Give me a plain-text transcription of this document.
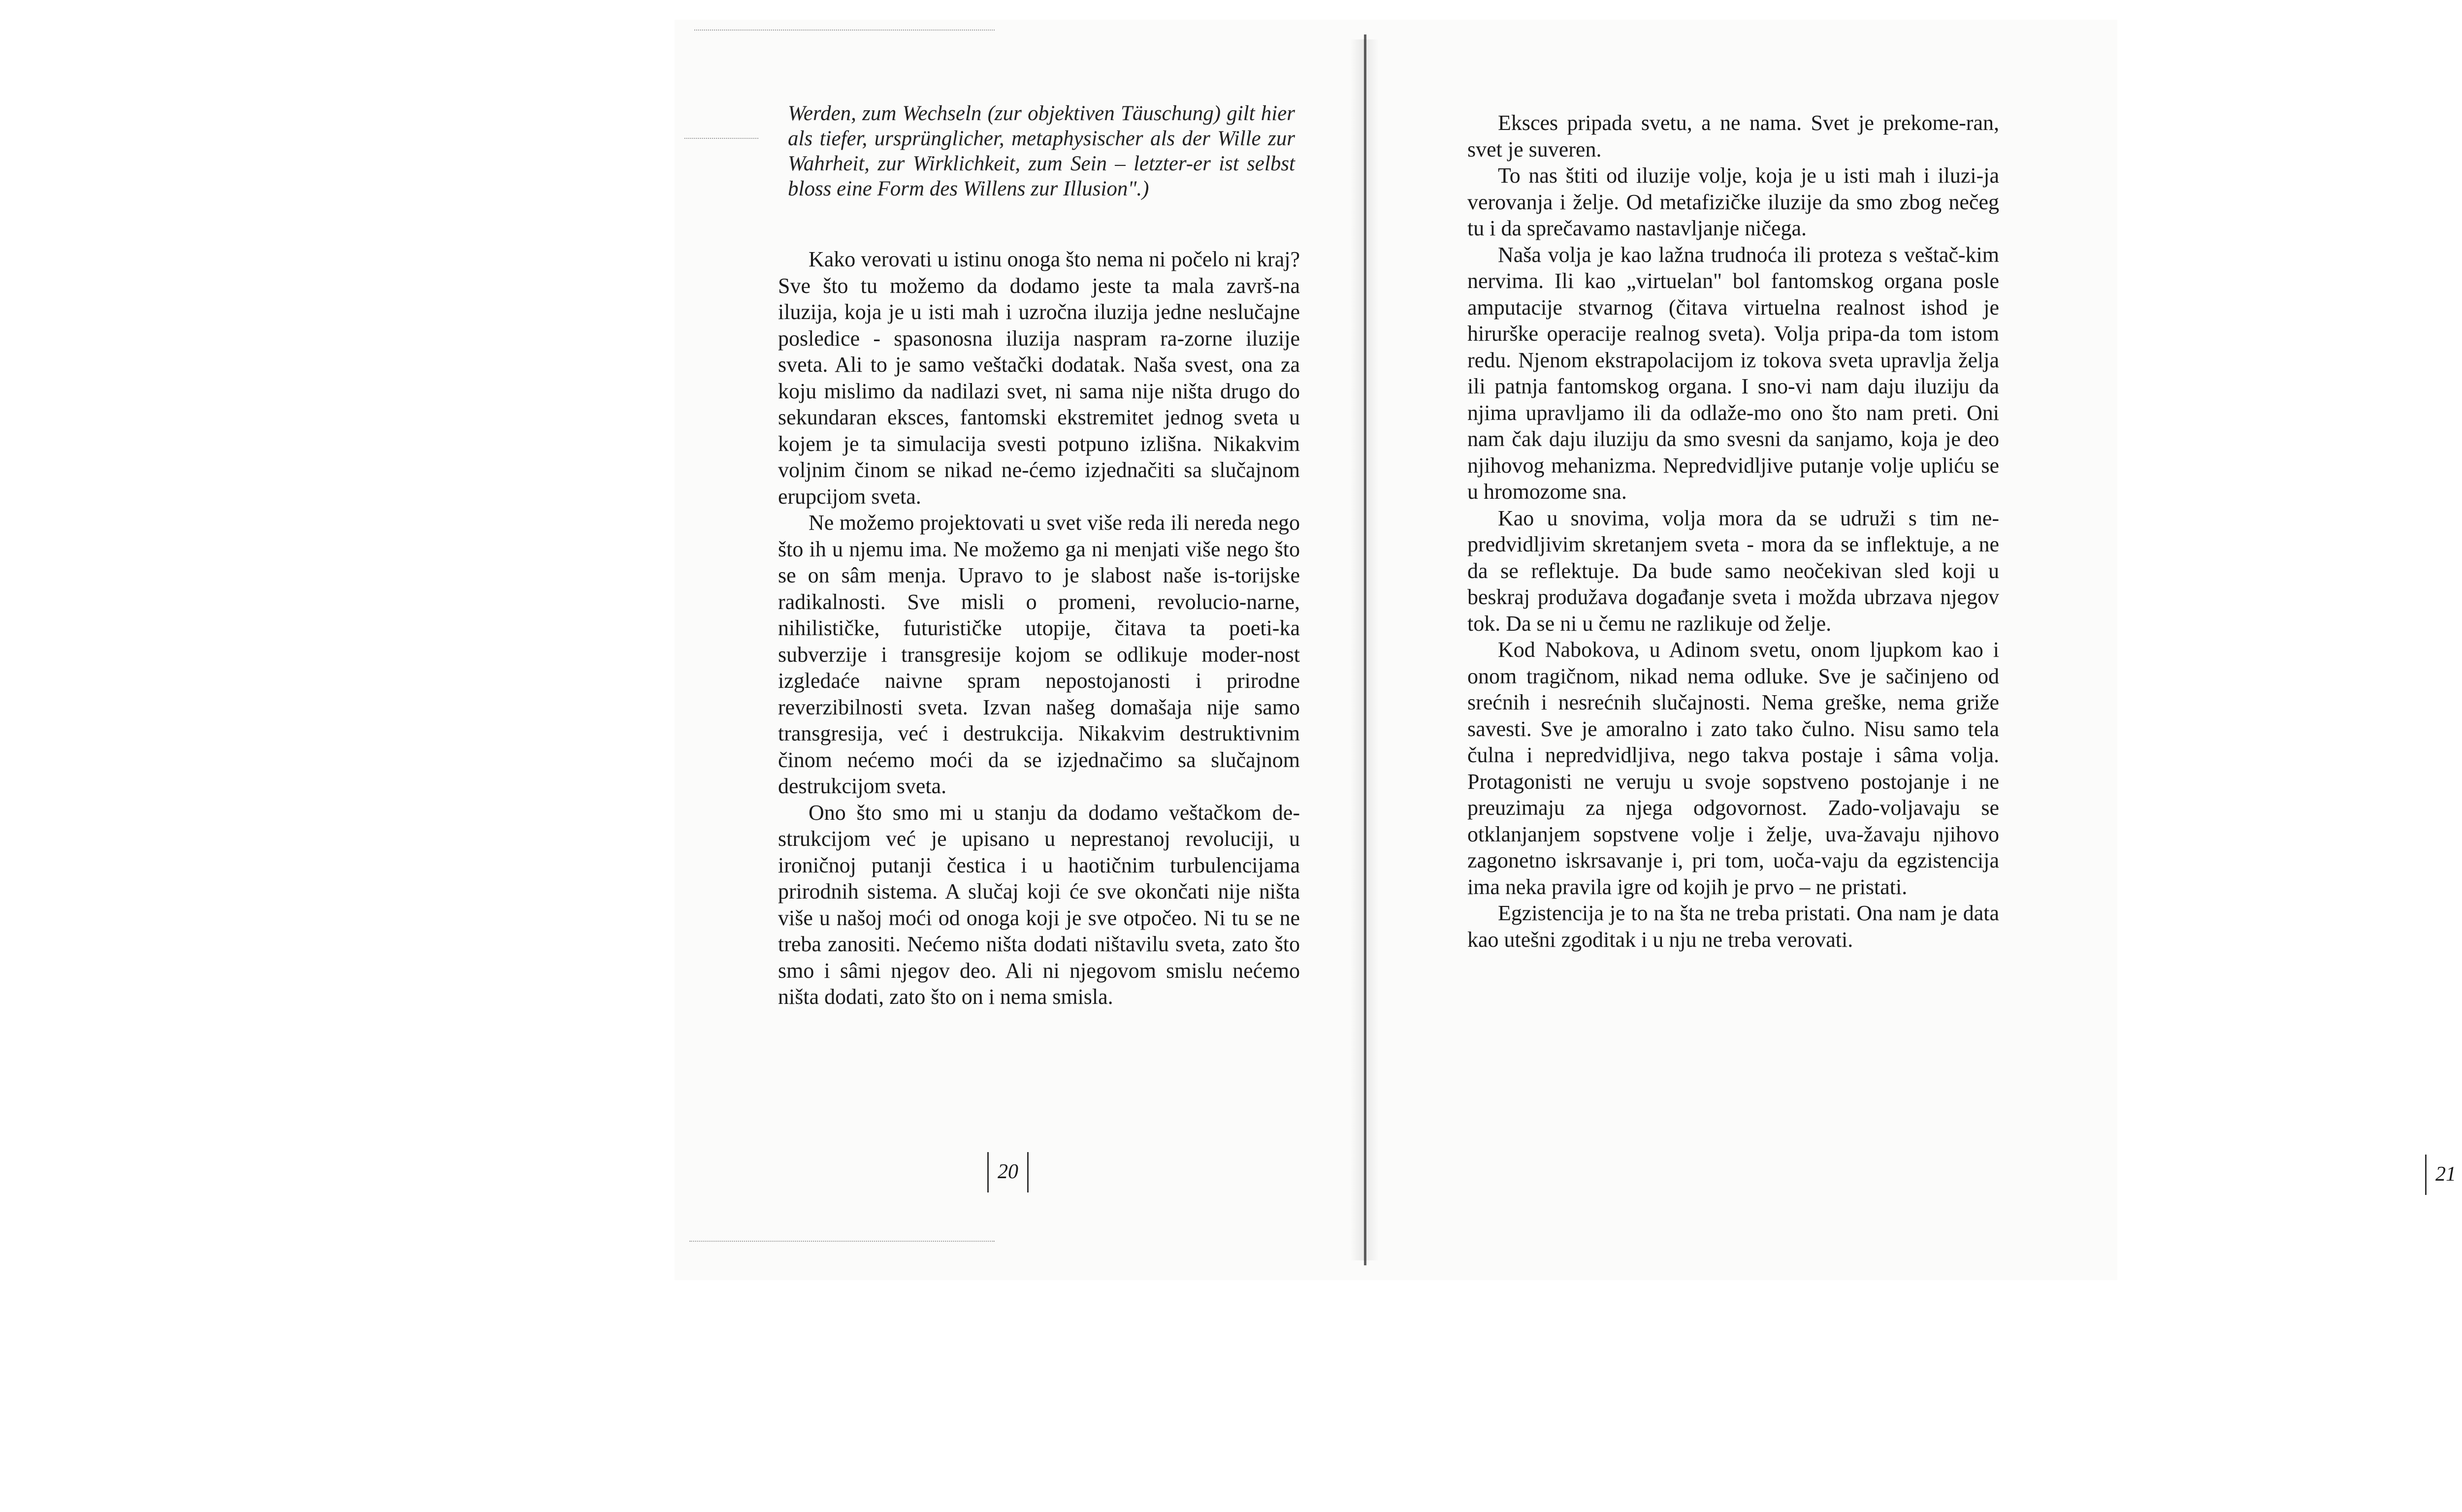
Werden, zum Wechseln (zur objektiven Täuschung) gilt hier als tiefer, ursprünglicher, metaphysischer als der Wille zur Wahrheit, zur Wirklichkeit, zum Sein – letzter-er ist selbst bloss eine Form des Willens zur Illusion".)

Kako verovati u istinu onoga što nema ni počelo ni kraj? Sve što tu možemo da dodamo jeste ta mala završ-na iluzija, koja je u isti mah i uzročna iluzija jedne neslučajne posledice - spasonosna iluzija naspram ra-zorne iluzije sveta. Ali to je samo veštački dodatak. Naša svest, ona za koju mislimo da nadilazi svet, ni sama nije ništa drugo do sekundaran eksces, fantomski ekstremitet jednog sveta u kojem je ta simulacija svesti potpuno izlišna. Nikakvim voljnim činom se nikad ne-ćemo izjednačiti sa slučajnom erupcijom sveta.

Ne možemo projektovati u svet više reda ili nereda nego što ih u njemu ima. Ne možemo ga ni menjati više nego što se on sâm menja. Upravo to je slabost naše is-torijske radikalnosti. Sve misli o promeni, revolucio-narne, nihilističke, futurističke utopije, čitava ta poeti-ka subverzije i transgresije kojom se odlikuje moder-nost izgledaće naivne spram nepostojanosti i prirodne reverzibilnosti sveta. Izvan našeg domašaja nije samo transgresija, već i destrukcija. Nikakvim destruktivnim činom nećemo moći da se izjednačimo sa slučajnom destrukcijom sveta.

Ono što smo mi u stanju da dodamo veštačkom de-strukcijom već je upisano u neprestanoj revoluciji, u ironičnoj putanji čestica i u haotičnim turbulencijama prirodnih sistema. A slučaj koji će sve okončati nije ništa više u našoj moći od onoga koji je sve otpočeo. Ni tu se ne treba zanositi. Nećemo ništa dodati ništavilu sveta, zato što smo i sâmi njegov deo. Ali ni njegovom smislu nećemo ništa dodati, zato što on i nema smisla.

20

Eksces pripada svetu, a ne nama. Svet je prekome-ran, svet je suveren.

To nas štiti od iluzije volje, koja je u isti mah i iluzi-ja verovanja i želje. Od metafizičke iluzije da smo zbog nečeg tu i da sprečavamo nastavljanje ničega.

Naša volja je kao lažna trudnoća ili proteza s veštač-kim nervima. Ili kao „virtuelan" bol fantomskog organa posle amputacije stvarnog (čitava virtuelna realnost ishod je hirurške operacije realnog sveta). Volja pripa-da tom istom redu. Njenom ekstrapolacijom iz tokova sveta upravlja želja ili patnja fantomskog organa. I sno-vi nam daju iluziju da njima upravljamo ili da odlaže-mo ono što nam preti. Oni nam čak daju iluziju da smo svesni da sanjamo, koja je deo njihovog mehanizma. Nepredvidljive putanje volje upliću se u hromozome sna.

Kao u snovima, volja mora da se udruži s tim ne-predvidljivim skretanjem sveta - mora da se inflektuje, a ne da se reflektuje. Da bude samo neočekivan sled koji u beskraj produžava događanje sveta i možda ubrzava njegov tok. Da se ni u čemu ne razlikuje od želje.

Kod Nabokova, u Adinom svetu, onom ljupkom kao i onom tragičnom, nikad nema odluke. Sve je sačinjeno od srećnih i nesrećnih slučajnosti. Nema greške, nema griže savesti. Sve je amoralno i zato tako čulno. Nisu samo tela čulna i nepredvidljiva, nego takva postaje i sâma volja. Protagonisti ne veruju u svoje sopstveno postojanje i ne preuzimaju za njega odgovornost. Zado-voljavaju se otklanjanjem sopstvene volje i želje, uva-žavaju njihovo zagonetno iskrsavanje i, pri tom, uoča-vaju da egzistencija ima neka pravila igre od kojih je prvo – ne pristati.

Egzistencija je to na šta ne treba pristati. Ona nam je data kao utešni zgoditak i u nju ne treba verovati.

21
